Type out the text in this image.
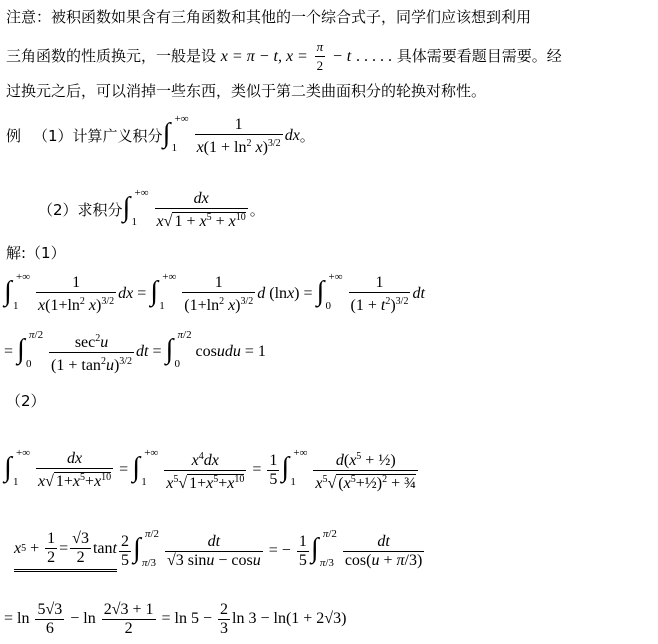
注意：被积函数如果含有三角函数和其他的一个综合式子，同学们应该想到利用
三角函数的性质换元，一般是设 x = π − t, $x = \frac{\pi}{2} - t$ . . . . . 具体需要看题目需要。经
过换元之后，可以消掉一些东西，类似于第二类曲面积分的轮换对称性。
例 （1）计算广义积分 ∫ +∞
$1 \frac{1}{x(1 + \ln^2 x)^{3/2}}$ dx 。
（2）求积分 ∫ +∞
$1 \frac{dx}{x√ 1 + x^5 + x^{10}}$ 。
解:（1）
∫ +∞
$1 \frac{1}{x(1+\ln^2 x)^{3/2}}$ dx = ∫ +∞
$1 \frac{1}{(1+\ln^2 x)^{3/2}}$ d (ln x ) = ∫ +∞
$0 \frac{1}{(1 + t^2)^{3/2}}$ dt
= ∫ π/2
$0 \frac{\sec^2u}{(1 + \tan^2u)^{3/2}}$ dt = ∫ π/2
0
cos udu
= 1
（2）
∫ +∞
$1 \frac{dx}{x√ 1+x^5+x^{10}}$ = ∫ +∞
$1 \frac{x^4dx}{x^5√ 1+x^5+x^{10}} = \frac{1}{5}$ ∫ +∞
$1 \frac{d(x^5 + \frac{1}{2})}{x^5√ (x^5+\frac{1}{2})^2 + \frac{3}{4}}$
x $5 + \frac{1}{2} = \frac{√3}{2}$ tan t $\frac{2}{5}$ ∫ π/2
$\pi/3 \frac{dt}{√3 \sin u - \cos u}$ = − $\frac{1}{5}$ ∫ π/2
$\pi/3 \frac{dt}{\cos(u + \pi/3)}$
= $\ln \frac{5√3}{6} - \ln \frac{2√3 + 1}{2} = \ln 5 - \frac{2}{3}$ ln 3 − ln(1 + 2√3)
